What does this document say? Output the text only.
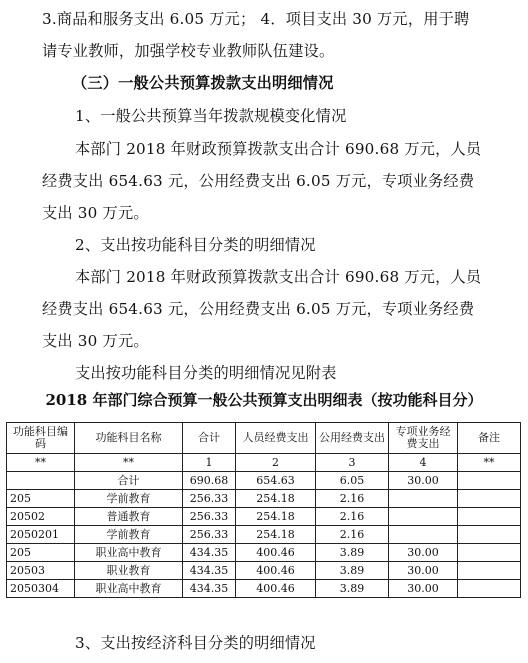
3.商品和服务支出 6.05 万元； 4．项目支出 30 万元，用于聘
请专业教师，加强学校专业教师队伍建设。
（三）一般公共预算拨款支出明细情况
1、一般公共预算当年拨款规模变化情况
本部门 2018 年财政预算拨款支出合计 690.68 万元，人员
经费支出 654.63 元，公用经费支出 6.05 万元，专项业务经费
支出 30 万元。
2、支出按功能科目分类的明细情况
本部门 2018 年财政预算拨款支出合计 690.68 万元，人员
经费支出 654.63 元，公用经费支出 6.05 万元，专项业务经费
支出 30 万元。
支出按功能科目分类的明细情况见附表
2018 年部门综合预算一般公共预算支出明细表（按功能科目分）
功能科目编码	功能科目名称	合计	人员经费支出	公用经费支出	专项业务经费支出	备注
**	**	1	2	3	4	**
	合计	690.68	654.63	6.05	30.00	
205	学前教育	256.33	254.18	2.16		
20502	普通教育	256.33	254.18	2.16		
2050201	学前教育	256.33	254.18	2.16		
205	职业高中教育	434.35	400.46	3.89	30.00	
20503	职业教育	434.35	400.46	3.89	30.00	
2050304	职业高中教育	434.35	400.46	3.89	30.00	
3、支出按经济科目分类的明细情况
